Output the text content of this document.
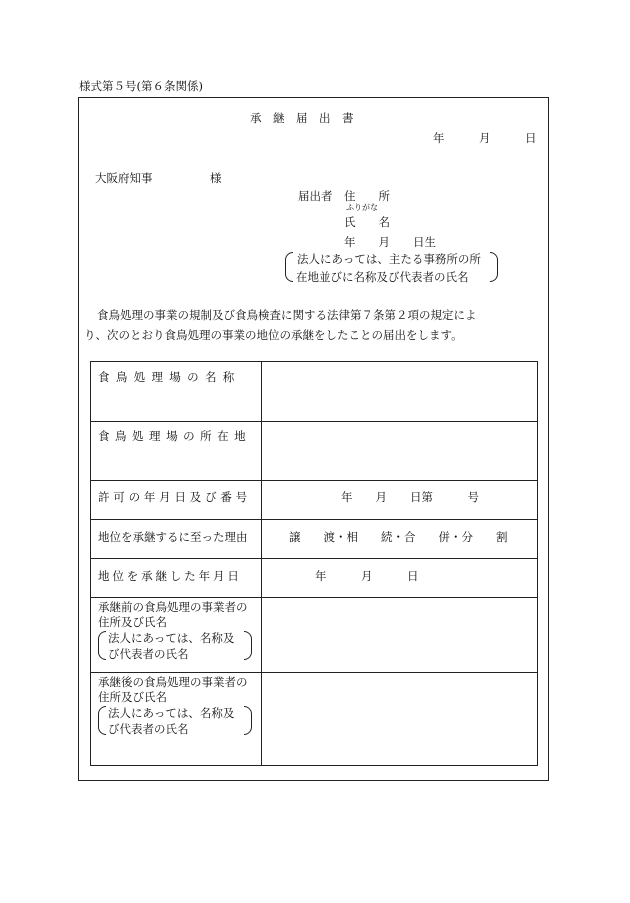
様式第５号(第６条関係)
承　継　届　出　書
年　　　月　　　日
大阪府知事　　　　　様
届出者 住　　所
ふりがな
氏　　名
年　　月　　日生
法人にあっては、主たる事務所の所
在地並びに名称及び代表者の氏名
食鳥処理の事業の規制及び食鳥検査に関する法律第７条第２項の規定によ
り、次のとおり食鳥処理の事業の地位の承継をしたことの届出をします。
食鳥処理場の名称
食鳥処理場の所在地
許可の年月日及び番号	年　　月　　日第　　　号
地位を承継するに至った理由	譲　　渡・相　　続・合　　併・分　　割
地位を承継した年月日	年　　　月　　　日
承継前の食鳥処理の事業者の
住所及び氏名
法人にあっては、名称及
び代表者の氏名
承継後の食鳥処理の事業者の
住所及び氏名
法人にあっては、名称及
び代表者の氏名
